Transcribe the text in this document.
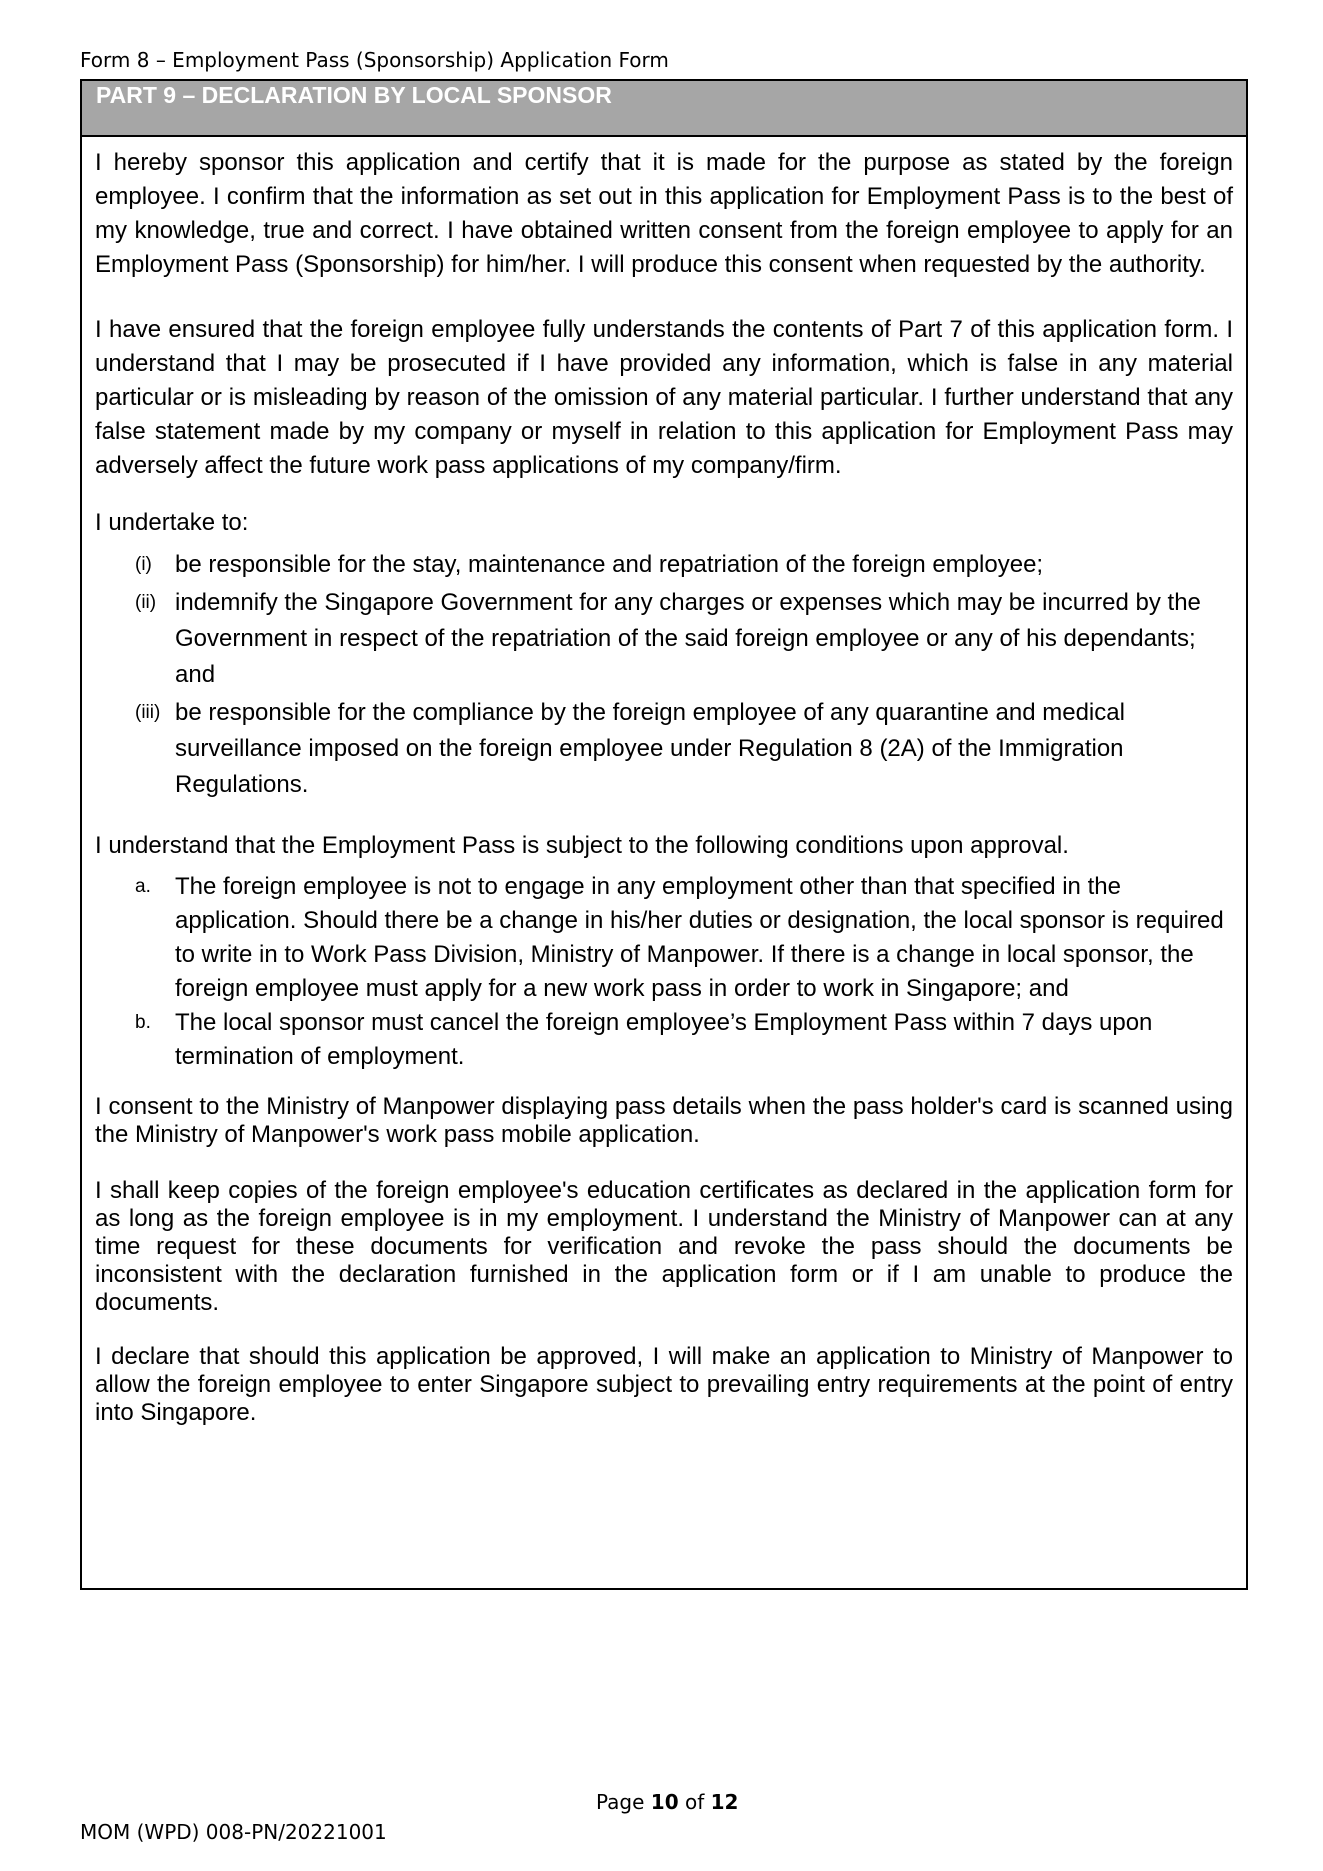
Form 8 – Employment Pass (Sponsorship) Application Form
PART 9 – DECLARATION BY LOCAL SPONSOR

I hereby sponsor this application and certify that it is made for the purpose as stated by the foreign employee. I confirm that the information as set out in this application for Employment Pass is to the best of my knowledge, true and correct. I have obtained written consent from the foreign employee to apply for an Employment Pass (Sponsorship) for him/her. I will produce this consent when requested by the authority.

I have ensured that the foreign employee fully understands the contents of Part 7 of this application form. I understand that I may be prosecuted if I have provided any information, which is false in any material particular or is misleading by reason of the omission of any material particular. I further understand that any false statement made by my company or myself in relation to this application for Employment Pass may adversely affect the future work pass applications of my company/firm.

I undertake to:

(i) be responsible for the stay, maintenance and repatriation of the foreign employee;
(ii) indemnify the Singapore Government for any charges or expenses which may be incurred by the Government in respect of the repatriation of the said foreign employee or any of his dependants; and
(iii) be responsible for the compliance by the foreign employee of any quarantine and medical surveillance imposed on the foreign employee under Regulation 8 (2A) of the Immigration Regulations.

I understand that the Employment Pass is subject to the following conditions upon approval.

a. The foreign employee is not to engage in any employment other than that specified in the application. Should there be a change in his/her duties or designation, the local sponsor is required to write in to Work Pass Division, Ministry of Manpower. If there is a change in local sponsor, the foreign employee must apply for a new work pass in order to work in Singapore; and
b. The local sponsor must cancel the foreign employee’s Employment Pass within 7 days upon termination of employment.

I consent to the Ministry of Manpower displaying pass details when the pass holder's card is scanned using the Ministry of Manpower's work pass mobile application.

I shall keep copies of the foreign employee's education certificates as declared in the application form for as long as the foreign employee is in my employment. I understand the Ministry of Manpower can at any time request for these documents for verification and revoke the pass should the documents be inconsistent with the declaration furnished in the application form or if I am unable to produce the documents.

I declare that should this application be approved, I will make an application to Ministry of Manpower to allow the foreign employee to enter Singapore subject to prevailing entry requirements at the point of entry into Singapore.

Page 10 of 12
MOM (WPD) 008-PN/20221001
